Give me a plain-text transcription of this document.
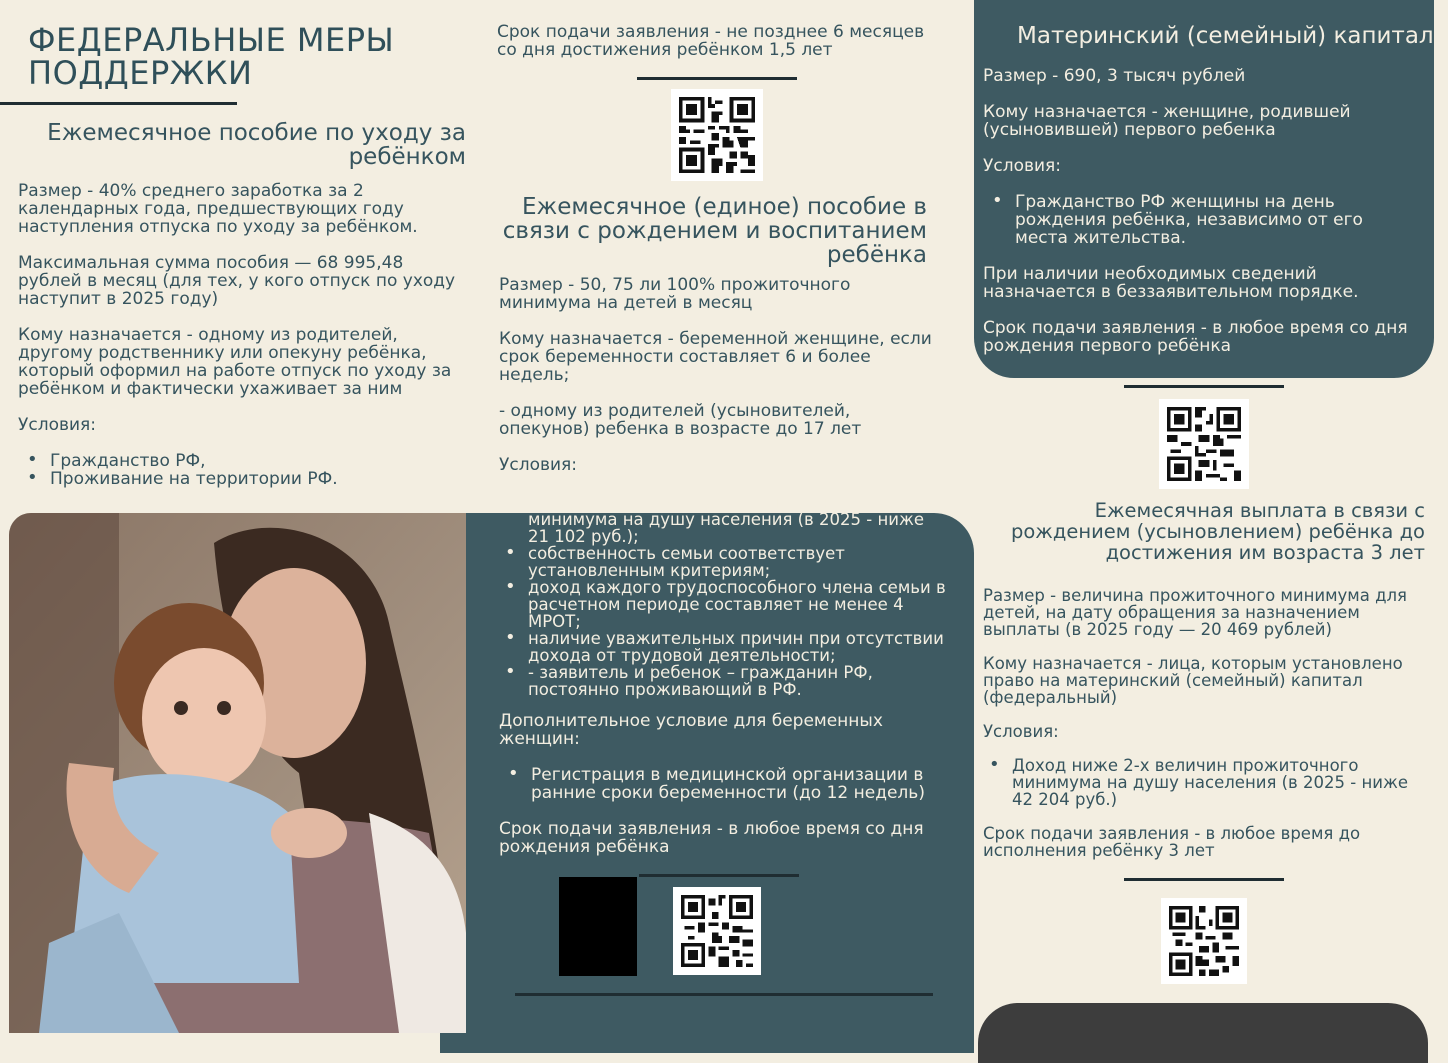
ФЕДЕРАЛЬНЫЕ МЕРЫ
ПОДДЕРЖКИ
Ежемесячное пособие по уходу за ребёнком

Размер - 40% среднего заработка за 2 календарных года, предшествующих году наступления отпуска по уходу за ребёнком.

Максимальная сумма пособия — 68 995,48 рублей в месяц (для тех, у кого отпуск по уходу наступит в 2025 году)

Кому назначается - одному из родителей, другому родственнику или опекуну ребёнка, который оформил на работе отпуск по уходу за ребёнком и фактически ухаживает за ним

Условия:

• Гражданство РФ,
• Проживание на территории РФ.
Срок подачи заявления - не позднее 6 месяцев со дня достижения ребёнком 1,5 лет
Ежемесячное (единое) пособие в связи с рождением и воспитанием ребёнка

Размер - 50, 75 ли 100% прожиточного минимума на детей в месяц

Кому назначается - беременной женщине, если срок беременности составляет 6 и более недель;

- одному из родителей (усыновителей, опекунов) ребенка в возрасте до 17 лет

Условия:

доход семьи ниже величины прожиточного минимума на душу населения (в 2025 - ниже 21 102 руб.);

• собственность семьи соответствует установленным критериям;
• доход каждого трудоспособного члена семьи в расчетном периоде составляет не менее 4 МРОТ;
• наличие уважительных причин при отсутствии дохода от трудовой деятельности;
• - заявитель и ребенок – гражданин РФ, постоянно проживающий в РФ.

Дополнительное условие для беременных женщин:

• Регистрация в медицинской организации в ранние сроки беременности (до 12 недель)

Срок подачи заявления - в любое время со дня рождения ребёнка

Материнский (семейный) капитал

Размер - 690, 3 тысяч рублей

Кому назначается - женщине, родившей (усыновившей) первого ребенка

Условия:

• Гражданство РФ женщины на день рождения ребёнка, независимо от его места жительства.

При наличии необходимых сведений назначается в беззаявительном порядке.

Срок подачи заявления - в любое время со дня рождения первого ребёнка

Ежемесячная выплата в связи с рождением (усыновлением) ребёнка до достижения им возраста 3 лет

Размер - величина прожиточного минимума для детей, на дату обращения за назначением выплаты (в 2025 году — 20 469 рублей)

Кому назначается - лица, которым установлено право на материнский (семейный) капитал (федеральный)

Условия:

• Доход ниже 2-х величин прожиточного минимума на душу населения (в 2025 - ниже 42 204 руб.)

Срок подачи заявления - в любое время до исполнения ребёнку 3 лет
